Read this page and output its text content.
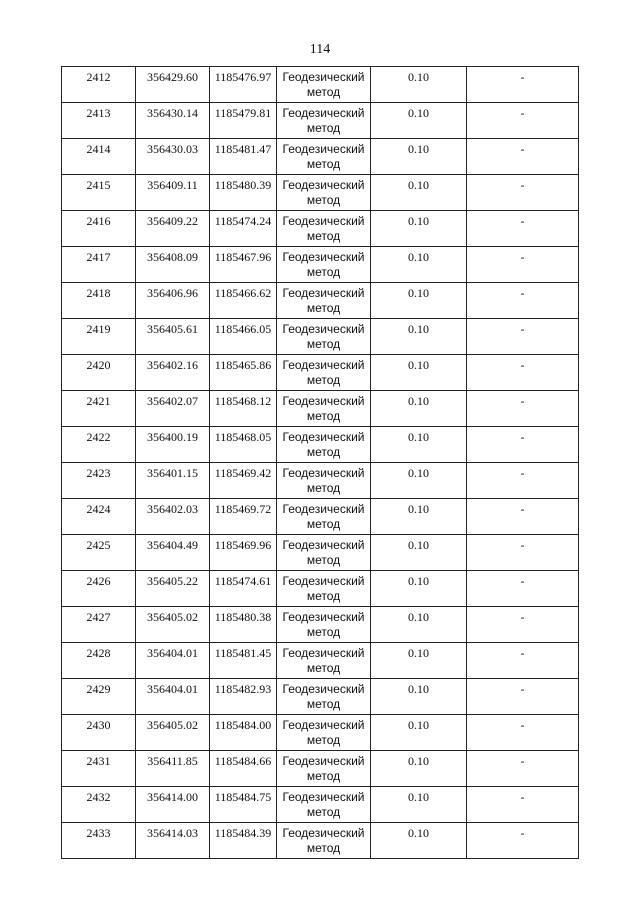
114
2412	356429.60	1185476.97	Геодезический метод	0.10	-

2413	356430.14	1185479.81	Геодезический метод	0.10	-

2414	356430.03	1185481.47	Геодезический метод	0.10	-

2415	356409.11	1185480.39	Геодезический метод	0.10	-

2416	356409.22	1185474.24	Геодезический метод	0.10	-

2417	356408.09	1185467.96	Геодезический метод	0.10	-

2418	356406.96	1185466.62	Геодезический метод	0.10	-

2419	356405.61	1185466.05	Геодезический метод	0.10	-

2420	356402.16	1185465.86	Геодезический метод	0.10	-

2421	356402.07	1185468.12	Геодезический метод	0.10	-

2422	356400.19	1185468.05	Геодезический метод	0.10	-

2423	356401.15	1185469.42	Геодезический метод	0.10	-

2424	356402.03	1185469.72	Геодезический метод	0.10	-

2425	356404.49	1185469.96	Геодезический метод	0.10	-

2426	356405.22	1185474.61	Геодезический метод	0.10	-

2427	356405.02	1185480.38	Геодезический метод	0.10	-

2428	356404.01	1185481.45	Геодезический метод	0.10	-

2429	356404.01	1185482.93	Геодезический метод	0.10	-

2430	356405.02	1185484.00	Геодезический метод	0.10	-

2431	356411.85	1185484.66	Геодезический метод	0.10	-

2432	356414.00	1185484.75	Геодезический метод	0.10	-

2433	356414.03	1185484.39	Геодезический метод	0.10	-
